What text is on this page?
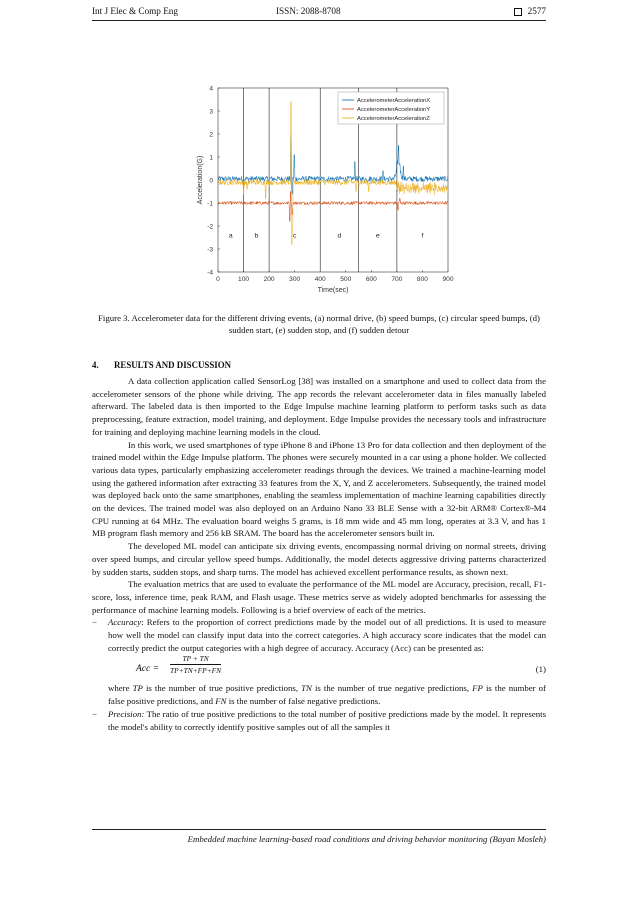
Int J Elec & Comp Eng	ISSN: 2088-8708	2577
0	100 200 300 400 500 600 700 800 900
-4
-3
-2
-1
0
1
2
3
4
Time(sec)
Acceleration(G)
a	b	c	d	e	f
AccelerometerAccelerationX
AccelerometerAccelerationY
AccelerometerAccelerationZ
Figure 3. Accelerometer data for the different driving events, (a) normal drive, (b) speed bumps, (c) circular speed bumps, (d) sudden start, (e) sudden stop, and (f) sudden detour
4. RESULTS AND DISCUSSION

A data collection application called SensorLog [38] was installed on a smartphone and used to collect data from the accelerometer sensors of the phone while driving. The app records the relevant accelerometer data in files manually labeled afterward. The labeled data is then imported to the Edge Impulse machine learning platform to perform tasks such as data preprocessing, feature extraction, model training, and deployment. Edge Impulse provides the necessary tools and infrastructure for training and deploying machine learning models in the cloud.

In this work, we used smartphones of type iPhone 8 and iPhone 13 Pro for data collection and then deployment of the trained model within the Edge Impulse platform. The phones were securely mounted in a car using a phone holder. We collected various data types, particularly emphasizing accelerometer readings through the devices. We trained a machine-learning model using the gathered information after extracting 33 features from the X, Y, and Z accelerometers. Subsequently, the trained model was deployed back onto the same smartphones, enabling the seamless implementation of machine learning capabilities directly on the devices. The trained model was also deployed on an Arduino Nano 33 BLE Sense with a 32-bit ARM® Cortex®-M4 CPU running at 64 MHz. The evaluation board weighs 5 grams, is 18 mm wide and 45 mm long, operates at 3.3 V, and has 1 MB program flash memory and 256 kB SRAM. The board has the accelerometer sensors built in.

The developed ML model can anticipate six driving events, encompassing normal driving on normal streets, driving over speed bumps, and circular yellow speed bumps. Additionally, the model detects aggressive driving patterns characterized by sudden starts, sudden stops, and sharp turns. The model has achieved excellent performance results, as shown next.

The evaluation metrics that are used to evaluate the performance of the ML model are Accuracy, precision, recall, F1-score, loss, inference time, peak RAM, and Flash usage. These metrics serve as widely adopted benchmarks for assessing the performance of machine learning models. Following is a brief overview of each of the metrics.

− Accuracy: Refers to the proportion of correct predictions made by the model out of all predictions. It is used to measure how well the model can classify input data into the correct categories. A high accuracy score indicates that the model can correctly predict the output categories with a high degree of accuracy. Accuracy (Acc) can be presented as:

Acc =
TP + TN
TP+TN+FP+FN	(1)

where TP is the number of true positive predictions, TN is the number of true negative predictions, FP is the number of false positive predictions, and FN is the number of false negative predictions.

− Precision: The ratio of true positive predictions to the total number of positive predictions made by the model. It represents the model's ability to correctly identify positive samples out of all the samples it

Embedded machine learning-based road conditions and driving behavior monitoring (Bayan Mosleh)
